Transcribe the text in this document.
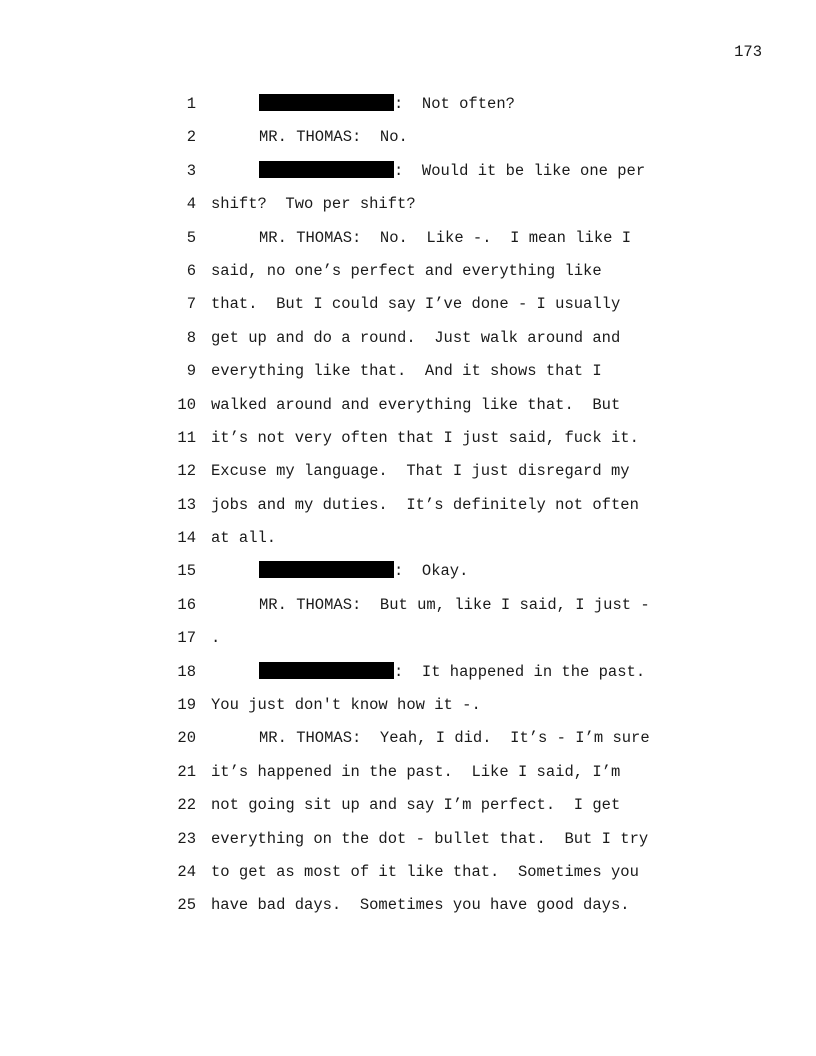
173
1	:  Not often?
2	MR. THOMAS:  No.
3	:  Would it be like one per
4 shift?  Two per shift?
5	MR. THOMAS:  No.  Like -.  I mean like I
6 said, no one’s perfect and everything like
7 that.  But I could say I’ve done - I usually
8 get up and do a round.  Just walk around and
9 everything like that.  And it shows that I
10 walked around and everything like that.  But
11 it’s not very often that I just said, fuck it.
12 Excuse my language.  That I just disregard my
13 jobs and my duties.  It’s definitely not often
14 at all.
15	:  Okay.
16	MR. THOMAS:  But um, like I said, I just -
17 .
18	:  It happened in the past.
19 You just don't know how it -.
20	MR. THOMAS:  Yeah, I did.  It’s - I’m sure
21 it’s happened in the past.  Like I said, I’m
22 not going sit up and say I’m perfect.  I get
23 everything on the dot - bullet that.  But I try
24 to get as most of it like that.  Sometimes you
25 have bad days.  Sometimes you have good days.
